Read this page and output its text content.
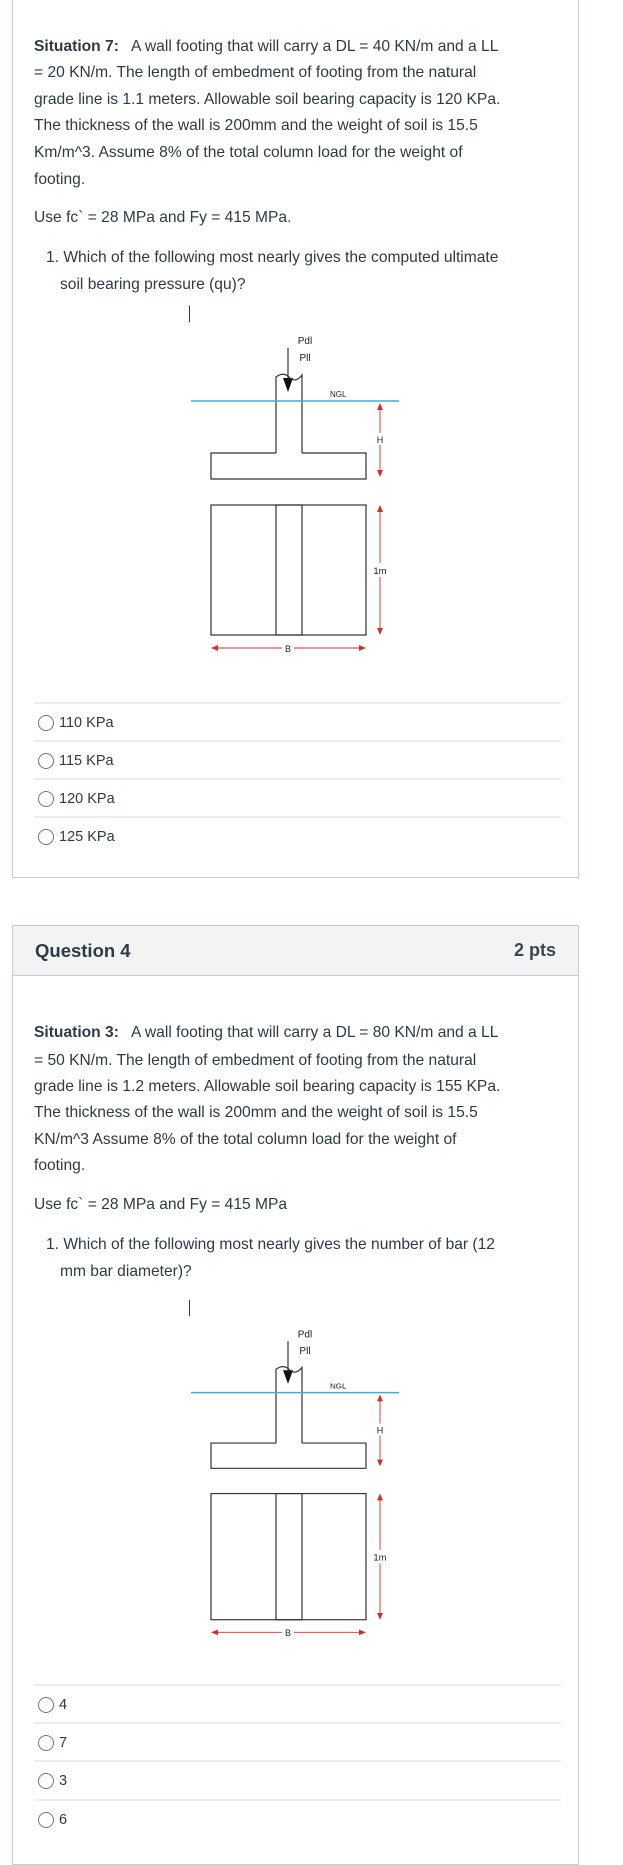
Situation 7: A wall footing that will carry a DL = 40 KN/m and a LL
= 20 KN/m. The length of embedment of footing from the natural
grade line is 1.1 meters. Allowable soil bearing capacity is 120 KPa.
The thickness of the wall is 200mm and the weight of soil is 15.5
Km/m^3. Assume 8% of the total column load for the weight of
footing.
Use fc` = 28 MPa and Fy = 415 MPa.
1. Which of the following most nearly gives the computed ultimate
soil bearing pressure (qu)?
Pdl
Pll
NGL
H
1m
B
110 KPa
115 KPa
120 KPa
125 KPa
Question 4	2 pts
Situation 3: A wall footing that will carry a DL = 80 KN/m and a LL
= 50 KN/m. The length of embedment of footing from the natural
grade line is 1.2 meters. Allowable soil bearing capacity is 155 KPa.
The thickness of the wall is 200mm and the weight of soil is 15.5
KN/m^3 Assume 8% of the total column load for the weight of
footing.
Use fc` = 28 MPa and Fy = 415 MPa
1. Which of the following most nearly gives the number of bar (12
mm bar diameter)?
Pdl
Pll
NGL
H
1m
B
4
7
3
6
